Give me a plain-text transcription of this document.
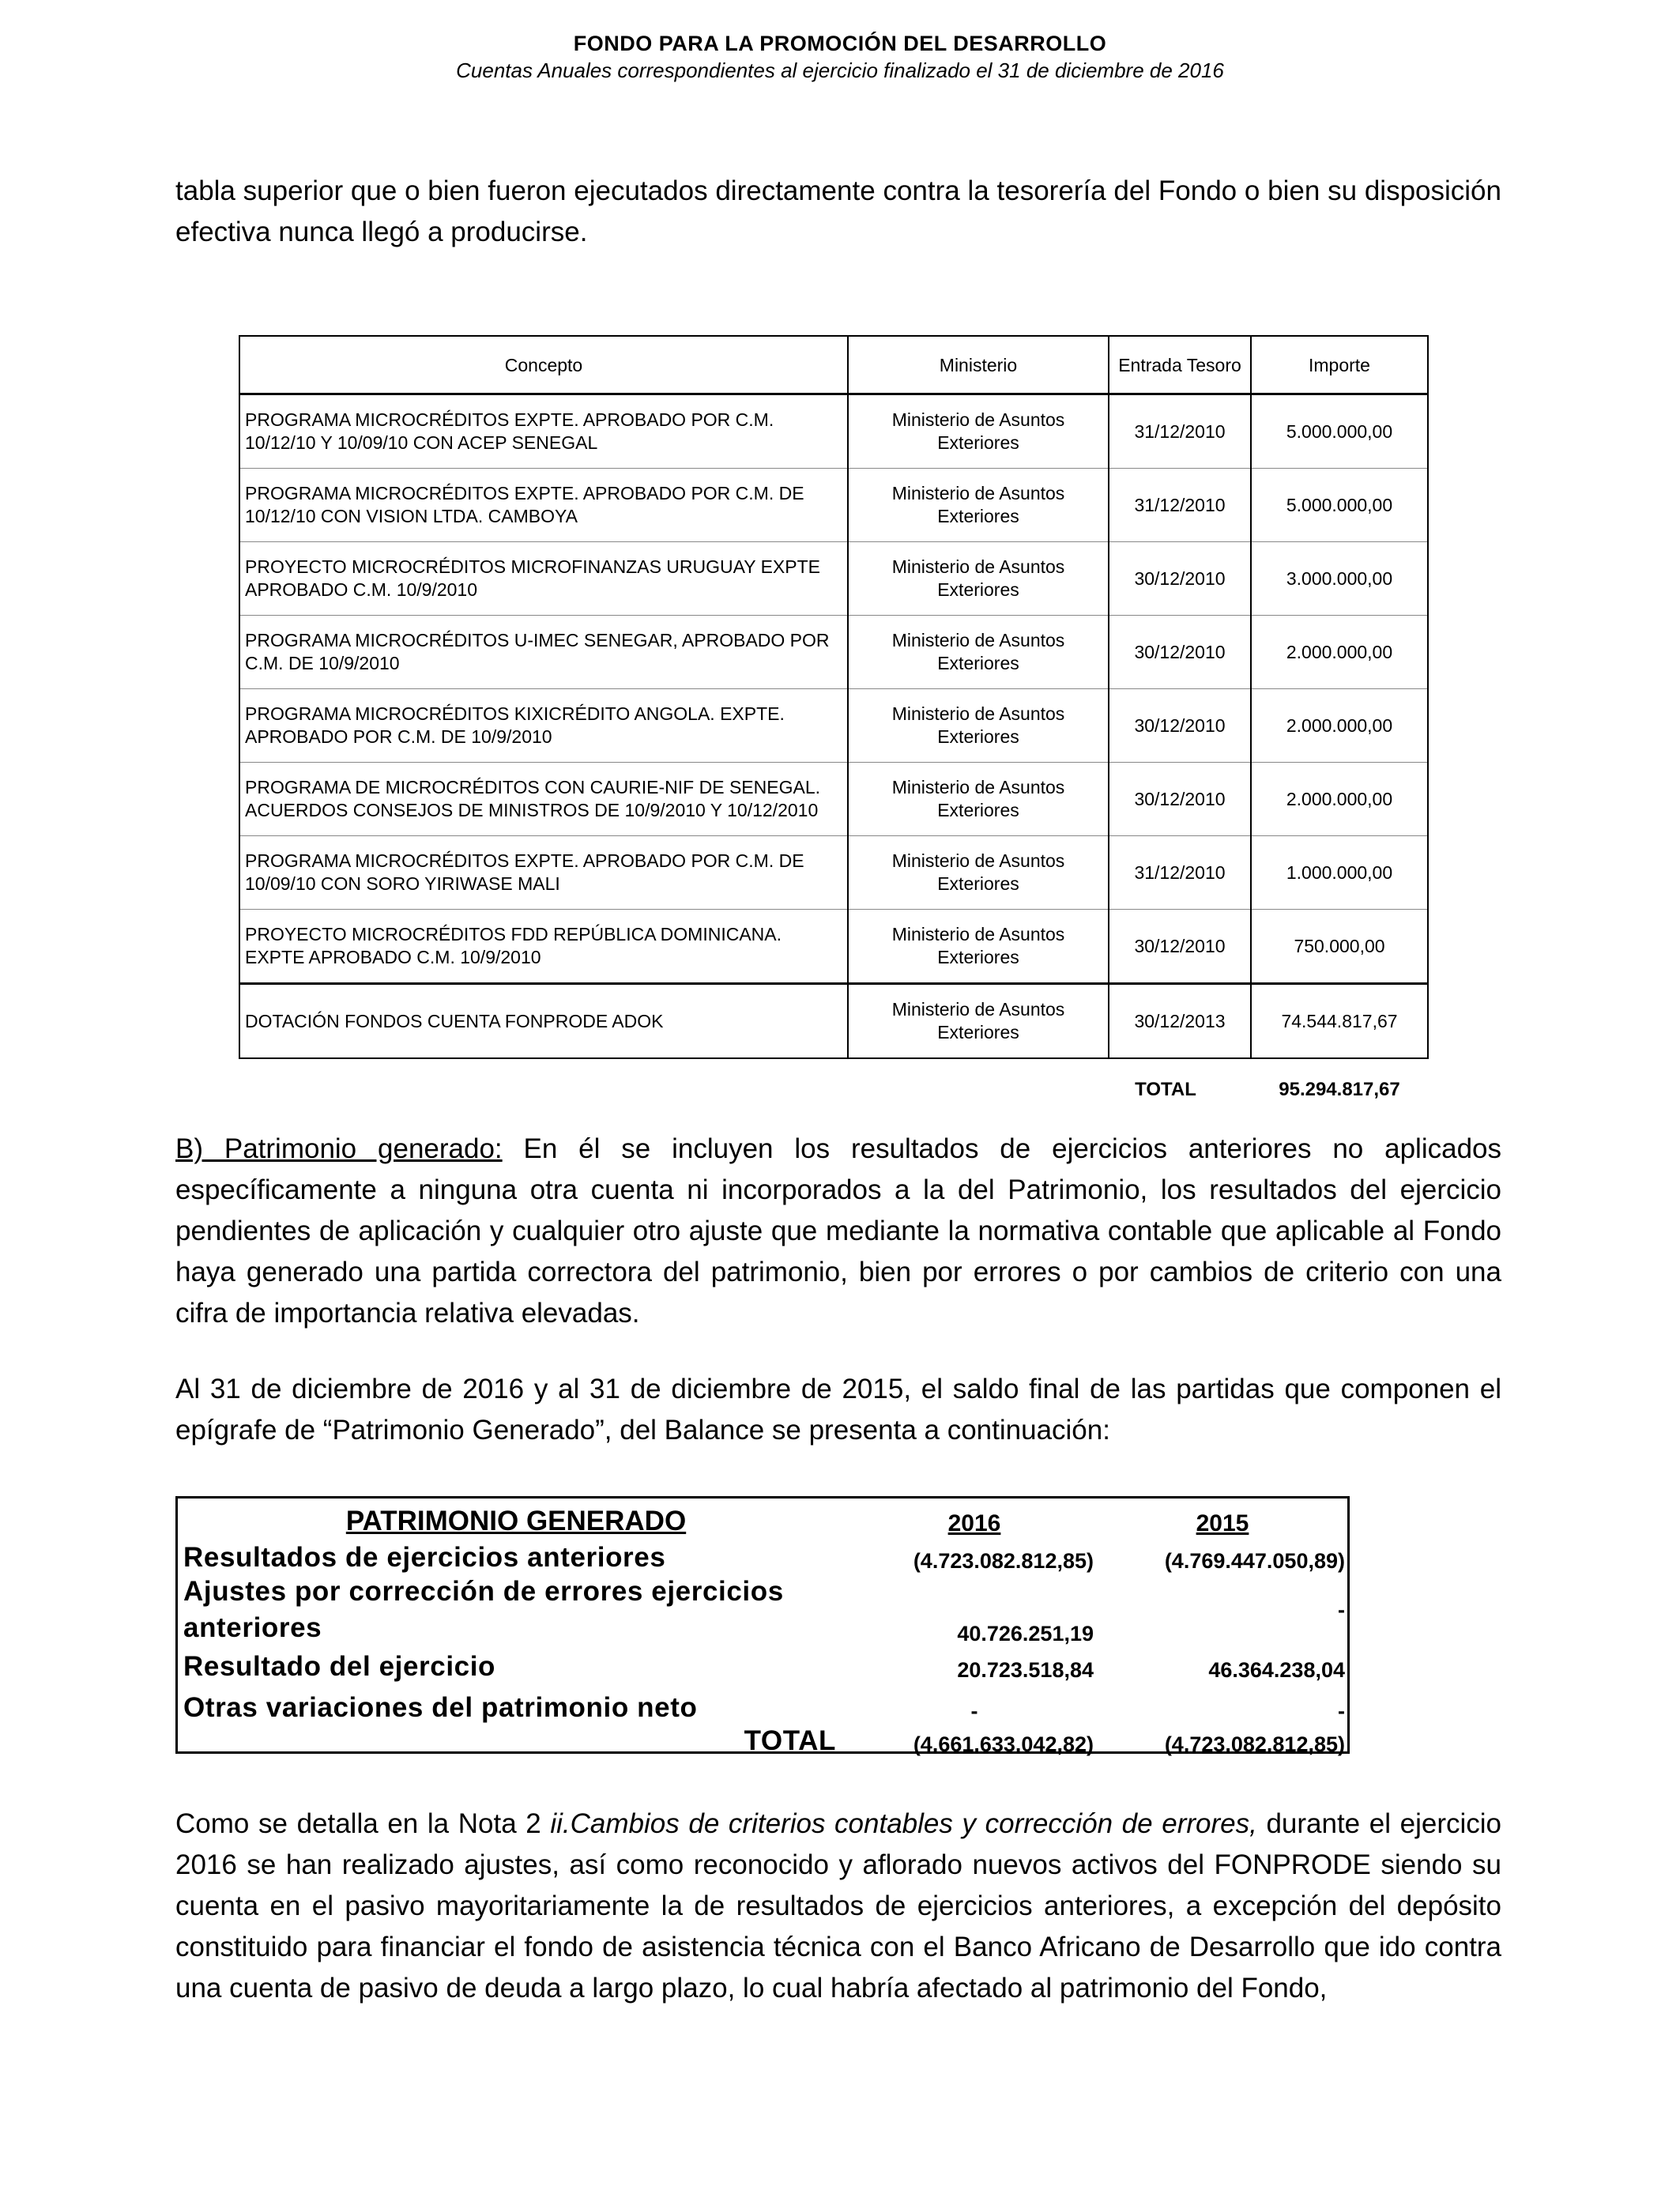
FONDO PARA LA PROMOCIÓN DEL DESARROLLO
Cuentas Anuales correspondientes al ejercicio finalizado el 31 de diciembre de 2016
tabla superior que o bien fueron ejecutados directamente contra la tesorería del Fondo o bien su disposición efectiva nunca llegó a producirse.
Concepto	Ministerio	Entrada Tesoro	Importe
PROGRAMA MICROCRÉDITOS EXPTE. APROBADO POR C.M. 10/12/10 Y 10/09/10 CON ACEP SENEGAL	Ministerio de Asuntos Exteriores	31/12/2010	5.000.000,00
PROGRAMA MICROCRÉDITOS EXPTE. APROBADO POR C.M. DE 10/12/10 CON VISION LTDA. CAMBOYA	Ministerio de Asuntos Exteriores	31/12/2010	5.000.000,00
PROYECTO MICROCRÉDITOS MICROFINANZAS URUGUAY EXPTE APROBADO C.M. 10/9/2010	Ministerio de Asuntos Exteriores	30/12/2010	3.000.000,00
PROGRAMA MICROCRÉDITOS U-IMEC SENEGAR, APROBADO POR C.M. DE 10/9/2010	Ministerio de Asuntos Exteriores	30/12/2010	2.000.000,00
PROGRAMA MICROCRÉDITOS KIXICRÉDITO ANGOLA. EXPTE. APROBADO POR C.M. DE 10/9/2010	Ministerio de Asuntos Exteriores	30/12/2010	2.000.000,00
PROGRAMA DE MICROCRÉDITOS CON CAURIE-NIF DE SENEGAL. ACUERDOS CONSEJOS DE MINISTROS DE 10/9/2010 Y 10/12/2010	Ministerio de Asuntos Exteriores	30/12/2010	2.000.000,00
PROGRAMA MICROCRÉDITOS EXPTE. APROBADO POR C.M. DE 10/09/10 CON SORO YIRIWASE MALI	Ministerio de Asuntos Exteriores	31/12/2010	1.000.000,00
PROYECTO MICROCRÉDITOS FDD REPÚBLICA DOMINICANA. EXPTE APROBADO C.M. 10/9/2010	Ministerio de Asuntos Exteriores	30/12/2010	750.000,00
DOTACIÓN FONDOS CUENTA FONPRODE ADOK	Ministerio de Asuntos Exteriores	30/12/2013	74.544.817,67
TOTAL	95.294.817,67
B) Patrimonio generado: En él se incluyen los resultados de ejercicios anteriores no aplicados específicamente a ninguna otra cuenta ni incorporados a la del Patrimonio, los resultados del ejercicio pendientes de aplicación y cualquier otro ajuste que mediante la normativa contable que aplicable al Fondo haya generado una partida correctora del patrimonio, bien por errores o por cambios de criterio con una cifra de importancia relativa elevadas.
Al 31 de diciembre de 2016 y al 31 de diciembre de 2015, el saldo final de las partidas que componen el epígrafe de “Patrimonio Generado”, del Balance se presenta a continuación:
PATRIMONIO GENERADO	2016	2015
Resultados de ejercicios anteriores	(4.723.082.812,85)	(4.769.447.050,89)
Ajustes por corrección de errores ejercicios anteriores	40.726.251,19	-
Resultado del ejercicio	20.723.518,84	46.364.238,04
Otras variaciones del patrimonio neto	-	-
TOTAL	(4.661.633.042,82)	(4.723.082.812,85)
Como se detalla en la Nota 2 ii.Cambios de criterios contables y corrección de errores, durante el ejercicio 2016 se han realizado ajustes, así como reconocido y aflorado nuevos activos del FONPRODE siendo su cuenta en el pasivo mayoritariamente la de resultados de ejercicios anteriores, a excepción del depósito constituido para financiar el fondo de asistencia técnica con el Banco Africano de Desarrollo que ido contra una cuenta de pasivo de deuda a largo plazo, lo cual habría afectado al patrimonio del Fondo,
